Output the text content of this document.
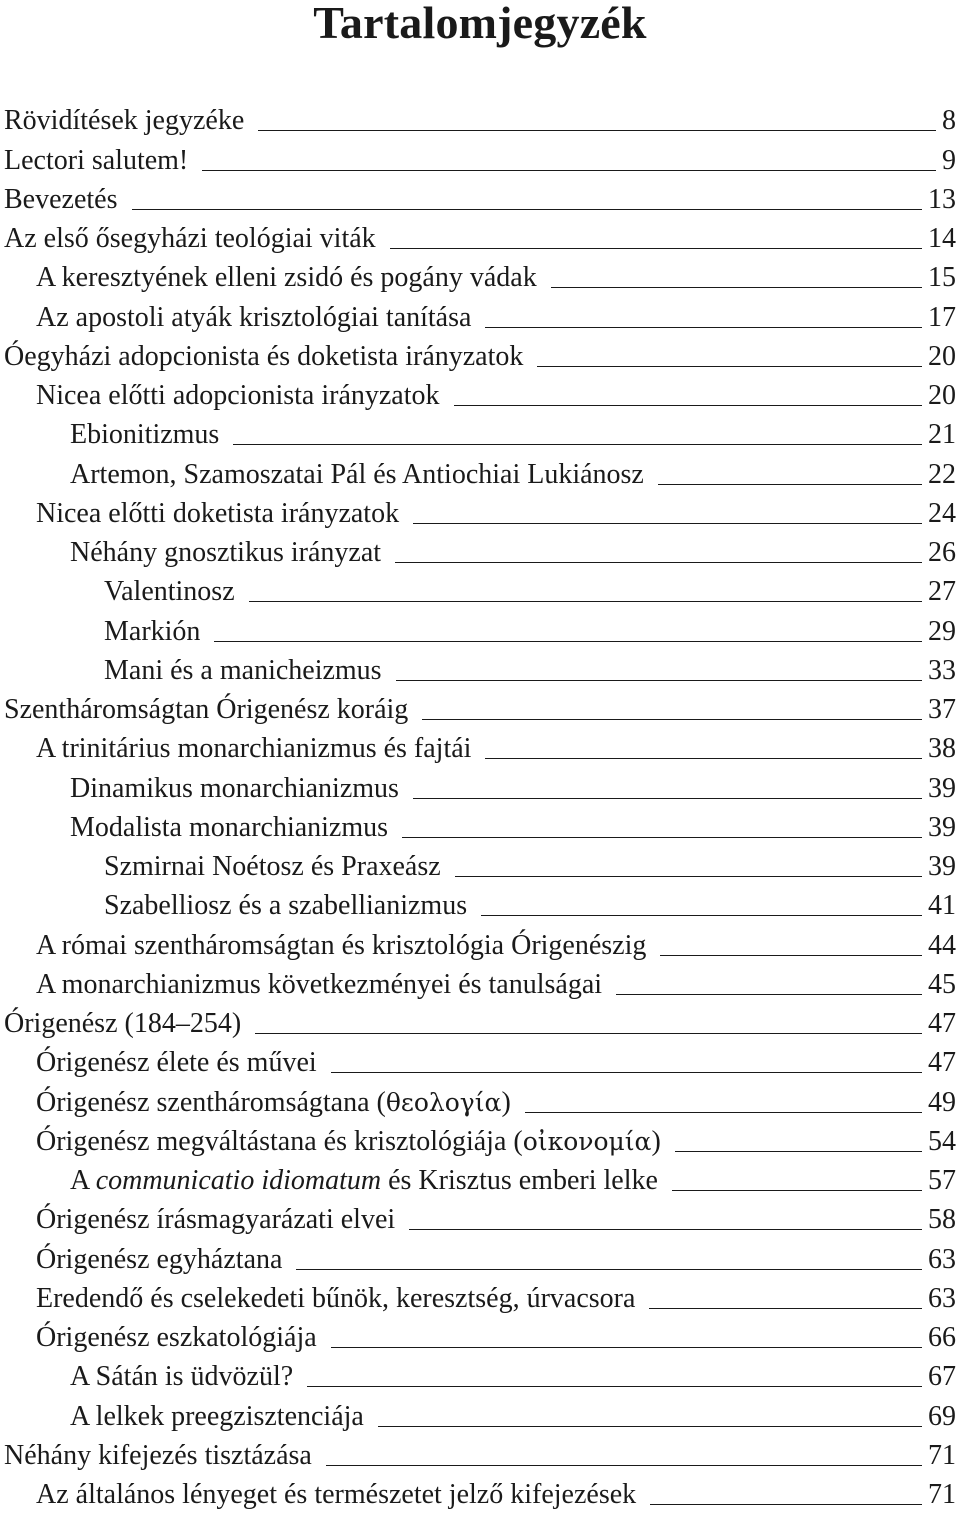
Tartalomjegyzék
Rövidítések jegyzéke	8
Lectori salutem!	9
Bevezetés	13
Az első ősegyházi teológiai viták	14
A keresztyének elleni zsidó és pogány vádak	15
Az apostoli atyák krisztológiai tanítása	17
Óegyházi adopcionista és doketista irányzatok	20
Nicea előtti adopcionista irányzatok	20
Ebionitizmus	21
Artemon, Szamoszatai Pál és Antiochiai Lukiánosz	22
Nicea előtti doketista irányzatok	24
Néhány gnosztikus irányzat	26
Valentinosz	27
Markión	29
Mani és a manicheizmus	33
Szentháromságtan Órigenész koráig	37
A trinitárius monarchianizmus és fajtái	38
Dinamikus monarchianizmus	39
Modalista monarchianizmus	39
Szmirnai Noétosz és Praxeász	39
Szabelliosz és a szabellianizmus	41
A római szentháromságtan és krisztológia Órigenészig	44
A monarchianizmus következményei és tanulságai	45
Órigenész (184–254)	47
Órigenész élete és művei	47
Órigenész szentháromságtana (θεολογία)	49
Órigenész megváltástana és krisztológiája (οἰκονομία)	54
A communicatio idiomatum és Krisztus emberi lelke	57
Órigenész írásmagyarázati elvei	58
Órigenész egyháztana	63
Eredendő és cselekedeti bűnök, keresztség, úrvacsora	63
Órigenész eszkatológiája	66
A Sátán is üdvözül?	67
A lelkek preegzisztenciája	69
Néhány kifejezés tisztázása	71
Az általános lényeget és természetet jelző kifejezések	71
